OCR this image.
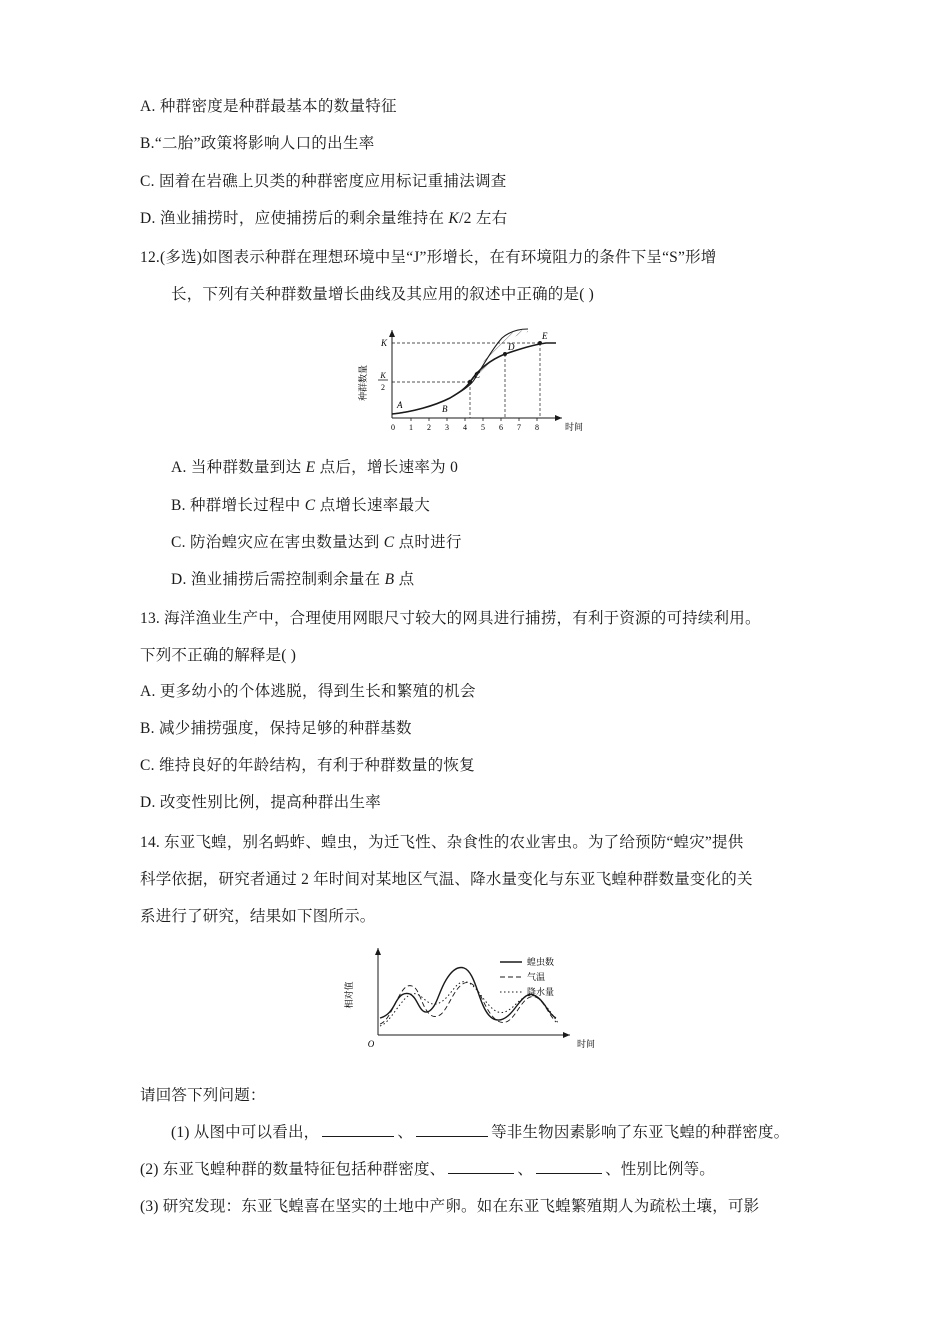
A. 种群密度是种群最基本的数量特征

B.“二胎”政策将影响人口的出生率

C. 固着在岩礁上贝类的种群密度应用标记重捕法调查

D. 渔业捕捞时，应使捕捞后的剩余量维持在 K/2 左右

12.(多选)如图表示种群在理想环境中呈“J”形增长，在有环境阻力的条件下呈“S”形增

长，下列有关种群数量增长曲线及其应用的叙述中正确的是( )

种群数量
K
K
2
A	B
C
D
E
0 1 2 3 4 5 6 7 8	时间

A. 当种群数量到达 E 点后，增长速率为 0

B. 种群增长过程中 C 点增长速率最大

C. 防治蝗灾应在害虫数量达到 C 点时进行

D. 渔业捕捞后需控制剩余量在 B 点

13. 海洋渔业生产中，合理使用网眼尺寸较大的网具进行捕捞，有利于资源的可持续利用。

下列不正确的解释是( )

A. 更多幼小的个体逃脱，得到生长和繁殖的机会

B. 减少捕捞强度，保持足够的种群基数

C. 维持良好的年龄结构，有利于种群数量的恢复

D. 改变性别比例，提高种群出生率

14. 东亚飞蝗，别名蚂蚱、蝗虫，为迁飞性、杂食性的农业害虫。为了给预防“蝗灾”提供

科学依据，研究者通过 2 年时间对某地区气温、降水量变化与东亚飞蝗种群数量变化的关

系进行了研究，结果如下图所示。

相对值
O	时间
蝗虫数
气温
降水量

请回答下列问题：

(1) 从图中可以看出，	、	等非生物因素影响了东亚飞蝗的种群密度。

(2) 东亚飞蝗种群的数量特征包括种群密度、	、	、性别比例等。

(3) 研究发现：东亚飞蝗喜在坚实的土地中产卵。如在东亚飞蝗繁殖期人为疏松土壤，可影
